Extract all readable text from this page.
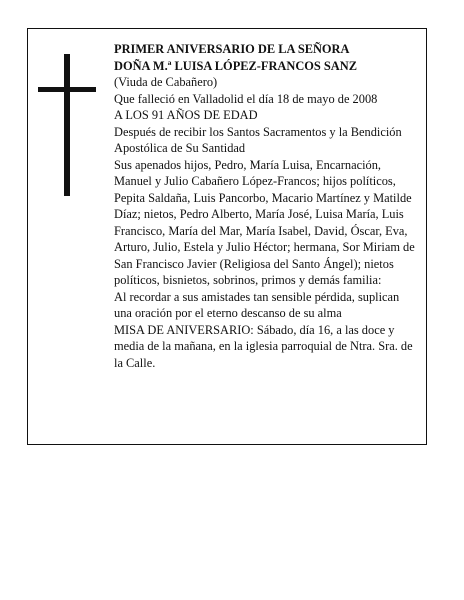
PRIMER ANIVERSARIO DE LA SEÑORA
DOÑA M.ª LUISA LÓPEZ-FRANCOS SANZ
(Viuda de Cabañero)
Que falleció en Valladolid el día 18 de mayo de 2008
A LOS 91 AÑOS DE EDAD
Después de recibir los Santos Sacramentos y la Bendición Apostólica de Su Santidad
Sus apenados hijos, Pedro, María Luisa, Encarnación, Manuel y Julio Cabañero López-Francos; hijos políticos, Pepita Saldaña, Luis Pancorbo, Macario Martínez y Matilde Díaz; nietos, Pedro Alberto, María José, Luisa María, Luis Francisco, María del Mar, María Isabel, David, Óscar, Eva, Arturo, Julio, Estela y Julio Héctor; hermana, Sor Miriam de San Francisco Javier (Religiosa del Santo Ángel); nietos políticos, bisnietos, sobrinos, primos y demás familia:
Al recordar a sus amistades tan sensible pérdida, suplican una oración por el eterno descanso de su alma
MISA DE ANIVERSARIO: Sábado, día 16, a las doce y media de la mañana, en la iglesia parroquial de Ntra. Sra. de la Calle.
